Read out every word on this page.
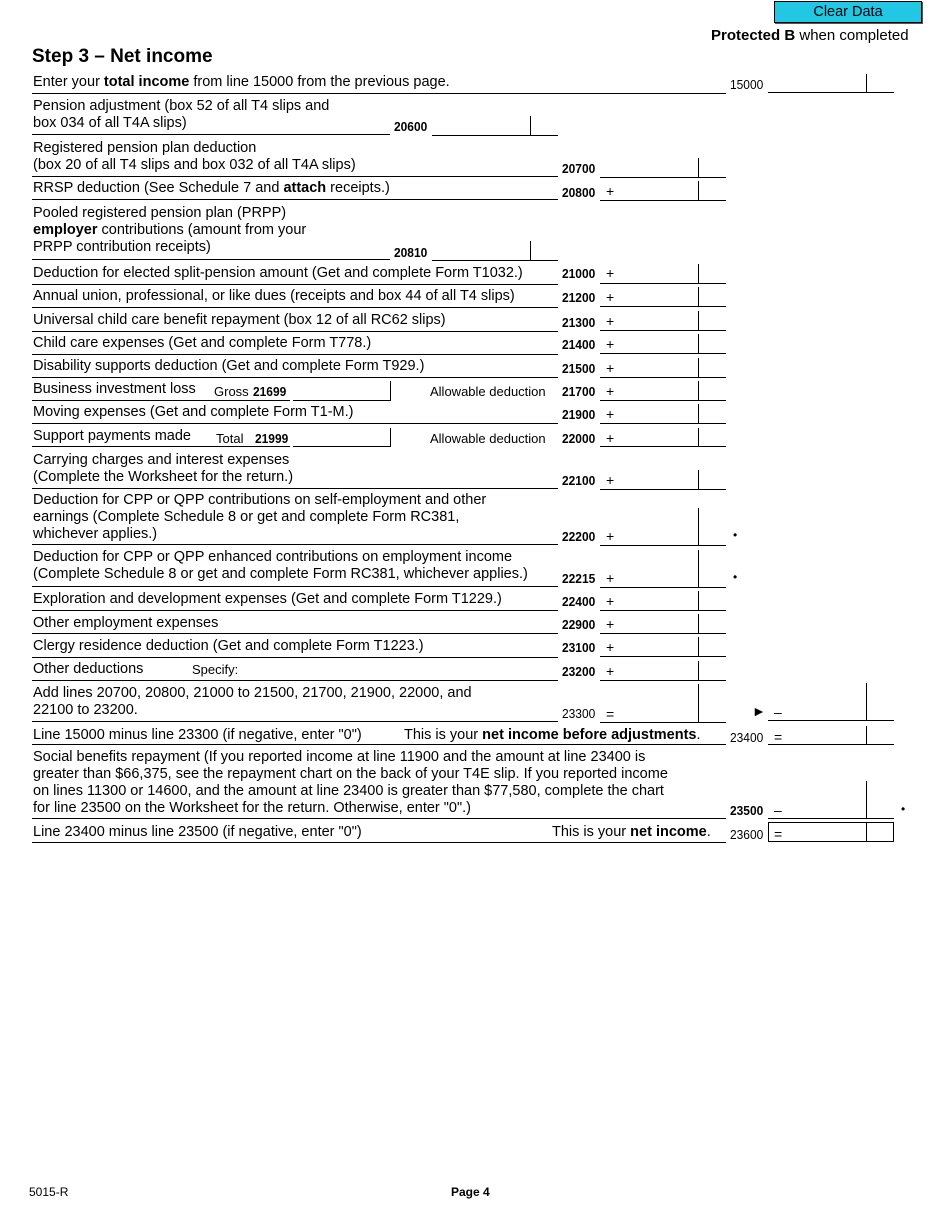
Clear Data
Protected B when completed
Step 3 – Net income
Enter your total income from line 15000 from the previous page.	15000
Pension adjustment (box 52 of all T4 slips and
box 034 of all T4A slips)	20600
Registered pension plan deduction
(box 20 of all T4 slips and box 032 of all T4A slips)	20700
RRSP deduction (See Schedule 7 and attach receipts.)	20800 +
Pooled registered pension plan (PRPP)
employer contributions (amount from your
PRPP contribution receipts)	20810
Deduction for elected split-pension amount (Get and complete Form T1032.)	21000 +
Annual union, professional, or like dues (receipts and box 44 of all T4 slips)	21200 +
Universal child care benefit repayment (box 12 of all RC62 slips)	21300 +
Child care expenses (Get and complete Form T778.)	21400 +
Disability supports deduction (Get and complete Form T929.)	21500 +
Business investment loss Gross 21699	Allowable deduction 21700 +
Moving expenses (Get and complete Form T1-M.)	21900 +
Support payments made Total 21999	Allowable deduction 22000 +
Carrying charges and interest expenses
(Complete the Worksheet for the return.)	22100 +
Deduction for CPP or QPP contributions on self-employment and other
earnings (Complete Schedule 8 or get and complete Form RC381,
whichever applies.)	22200 +	•
Deduction for CPP or QPP enhanced contributions on employment income
(Complete Schedule 8 or get and complete Form RC381, whichever applies.)	22215 +	•
Exploration and development expenses (Get and complete Form T1229.)	22400 +
Other employment expenses	22900 +
Clergy residence deduction (Get and complete Form T1223.)	23100 +
Other deductions	Specify:	23200 +
Add lines 20700, 20800, 21000 to 21500, 21700, 21900, 22000, and
22100 to 23200.	23300 =	► –
Line 15000 minus line 23300 (if negative, enter "0")	This is your net income before adjustments. 23400 =
Social benefits repayment (If you reported income at line 11900 and the amount at line 23400 is
greater than $66,375, see the repayment chart on the back of your T4E slip. If you reported income
on lines 11300 or 14600, and the amount at line 23400 is greater than $77,580, complete the chart
for line 23500 on the Worksheet for the return. Otherwise, enter "0".)	23500 –	•
Line 23400 minus line 23500 (if negative, enter "0")	This is your net income. 23600 =
5015-R	Page 4
